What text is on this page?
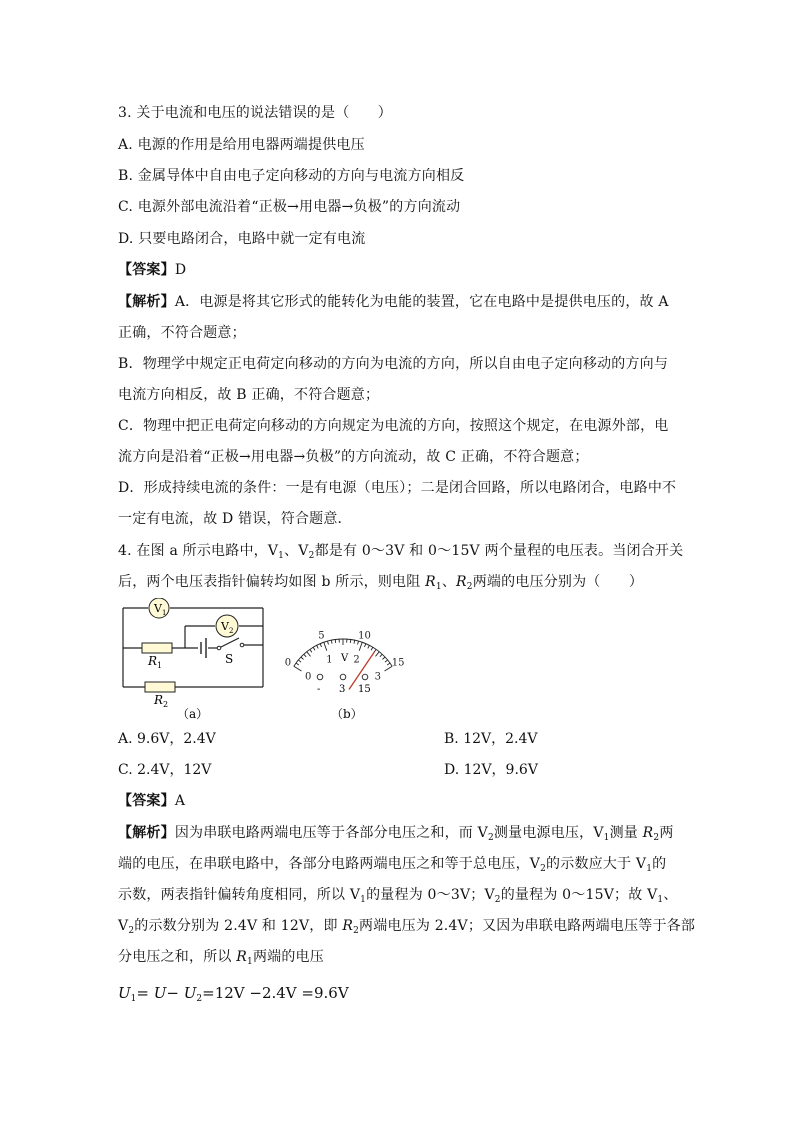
3. 关于电流和电压的说法错误的是（　　）
A. 电源的作用是给用电器两端提供电压
B. 金属导体中自由电子定向移动的方向与电流方向相反
C. 电源外部电流沿着“正极→用电器→负极”的方向流动
D. 只要电路闭合，电路中就一定有电流
【答案】D
【解析】A．电源是将其它形式的能转化为电能的装置，它在电路中是提供电压的，故 A
正确，不符合题意；
B．物理学中规定正电荷定向移动的方向为电流的方向，所以自由电子定向移动的方向与
电流方向相反，故 B 正确，不符合题意；
C．物理中把正电荷定向移动的方向规定为电流的方向，按照这个规定，在电源外部，电
流方向是沿着“正极→用电器→负极”的方向流动，故 C 正确，不符合题意；
D．形成持续电流的条件：一是有电源（电压）；二是闭合回路，所以电路闭合，电路中不
一定有电流，故 D 错误，符合题意．
4. 在图 a 所示电路中，$V_1$、$V_2$都是有 0～3V 和 0～15V 两个量程的电压表。当闭合开关
后，两个电压表指针偏转均如图 b 所示，则电阻 $R_1$、$R_2$两端的电压分别为（　　）
$V_1$
$V_2$
$R_1$
$R_2$
S
（a）
0
5	10
15
0
1 2
3
V
- 3 15
（b）
A. 9.6V，2.4V	B. 12V，2.4V
C. 2.4V，12V	D. 12V，9.6V
【答案】A
【解析】因为串联电路两端电压等于各部分电压之和，而 $V_2$测量电源电压，$V_1$测量 $R_2$两
端的电压，在串联电路中，各部分电路两端电压之和等于总电压，$V_2$的示数应大于 $V_1$的
示数，两表指针偏转角度相同，所以 $V_1$的量程为 0～3V；$V_2$的量程为 0～15V；故 $V_1$、
$V_2$的示数分别为 2.4V 和 12V，即 $R_2$两端电压为 2.4V；又因为串联电路两端电压等于各部
分电压之和，所以 $R_1$两端的电压
$U_1= U- U_2=12V -2.4V =9.6V$
